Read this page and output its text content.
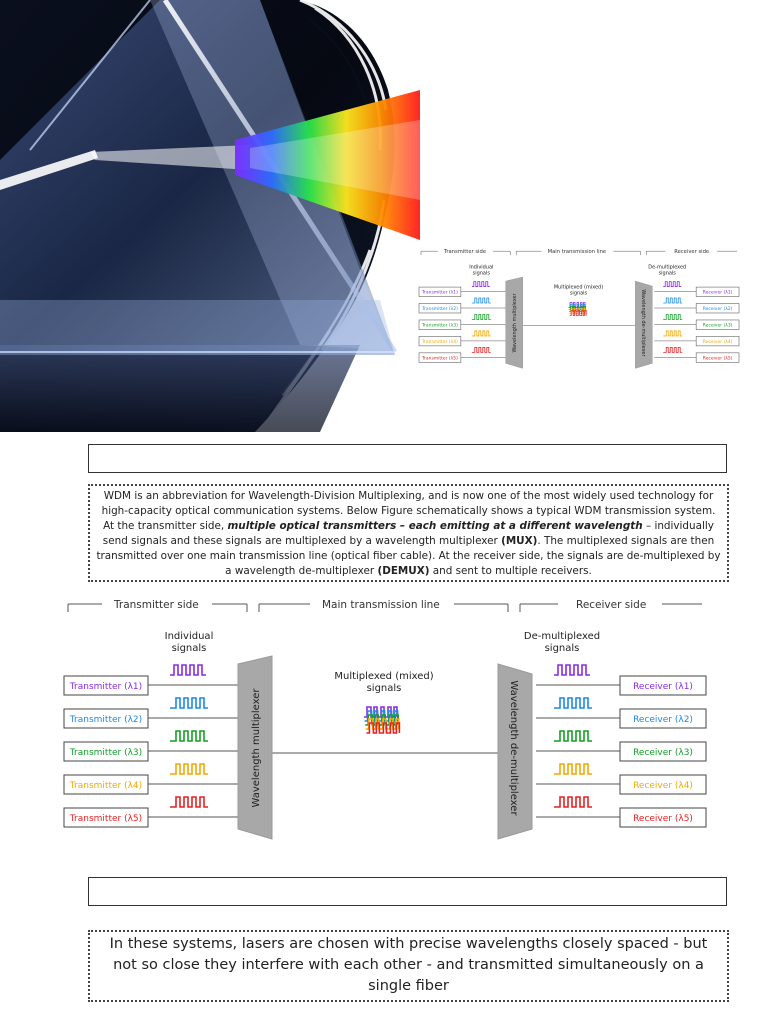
Transmitter side	Main transmission line	Receiver side
Individual
signals
De-multiplexed
signals
Transmitter (λ1)
Transmitter (λ2)
Transmitter (λ3)
Transmitter (λ4)
Transmitter (λ5)
Receiver (λ1)
Receiver (λ2)
Receiver (λ3)
Receiver (λ4)
Receiver (λ5)
Wavelength multiplexer	Wavelength de-multiplexer
Multiplexed (mixed)
signals

WDM is an abbreviation for Wavelength-Division Multiplexing, and is now one of the most widely used technology for high-capacity optical communication systems. Below Figure schematically shows a typical WDM transmission system. At the transmitter side, multiple optical transmitters – each emitting at a different wavelength – individually send signals and these signals are multiplexed by a wavelength multiplexer (MUX). The multiplexed signals are then transmitted over one main transmission line (optical fiber cable). At the receiver side, the signals are de-multiplexed by a wavelength de-multiplexer (DEMUX) and sent to multiple receivers.

Transmitter side	Main transmission line	Receiver side
Individual
signals
De-multiplexed
signals
Transmitter (λ1)
Transmitter (λ2)
Transmitter (λ3)
Transmitter (λ4)
Transmitter (λ5)
Receiver (λ1)
Receiver (λ2)
Receiver (λ3)
Receiver (λ4)
Receiver (λ5)
Wavelength multiplexer	Wavelength de-multiplexer
Multiplexed (mixed)
signals

In these systems, lasers are chosen with precise wavelengths closely spaced - but not so close they interfere with each other - and transmitted simultaneously on a single fiber
